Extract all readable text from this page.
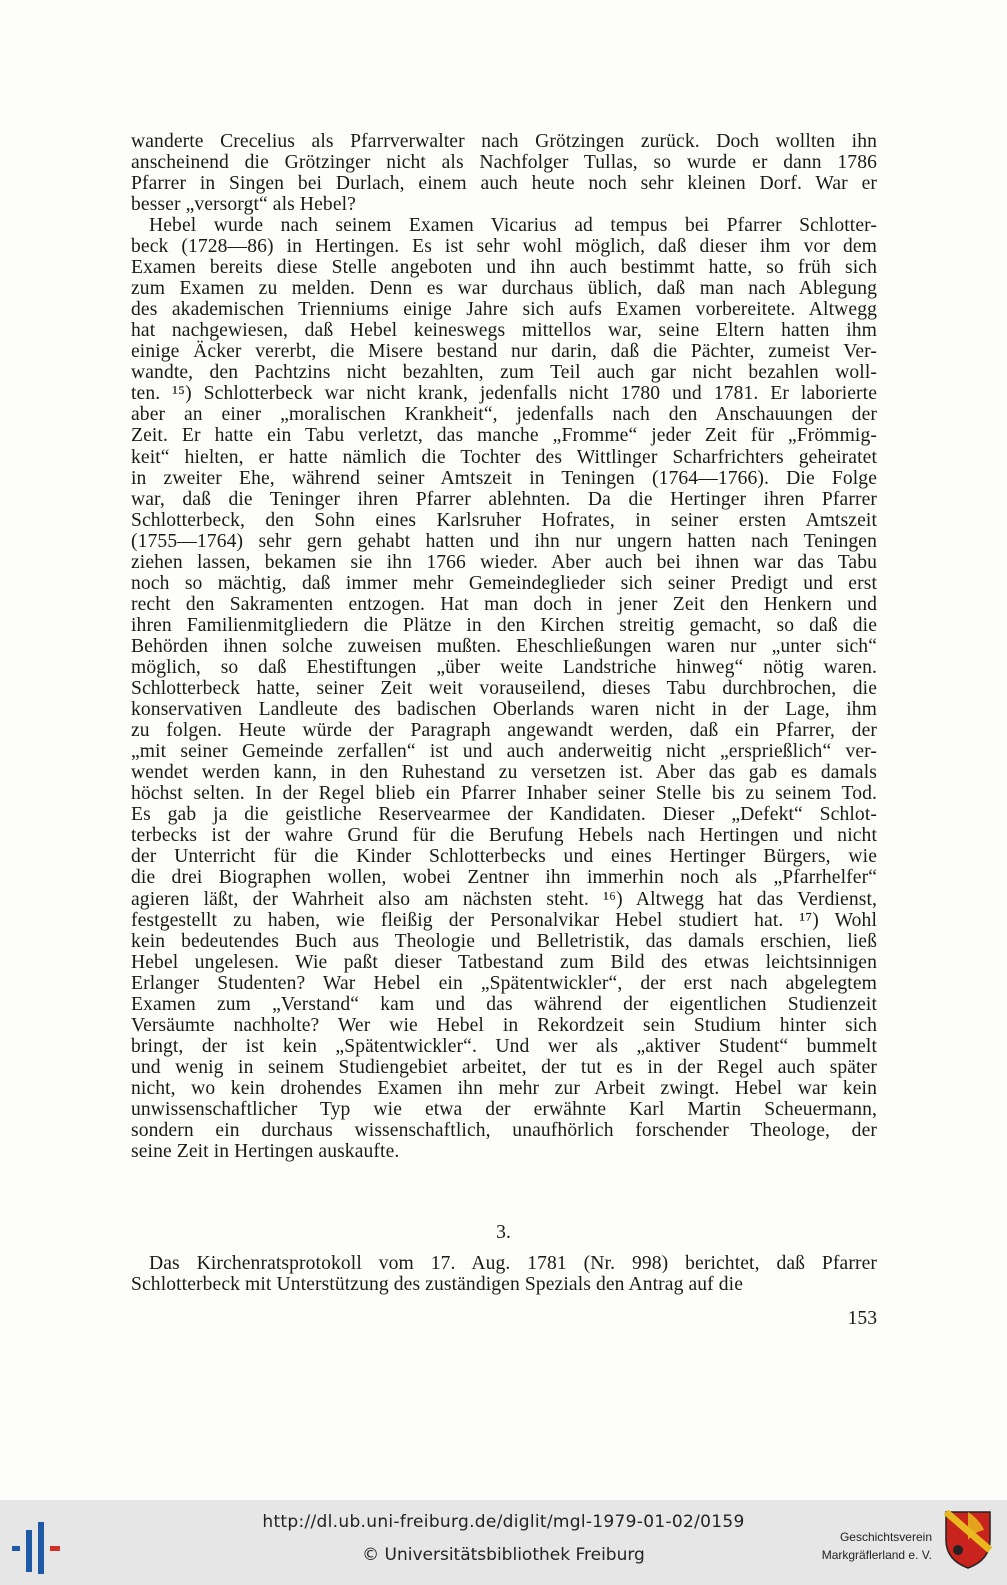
wanderte Crecelius als Pfarrverwalter nach Grötzingen zurück. Doch wollten ihn
anscheinend die Grötzinger nicht als Nachfolger Tullas, so wurde er dann 1786
Pfarrer in Singen bei Durlach, einem auch heute noch sehr kleinen Dorf. War er
besser „versorgt“ als Hebel?
Hebel wurde nach seinem Examen Vicarius ad tempus bei Pfarrer Schlotter-
beck (1728—86) in Hertingen. Es ist sehr wohl möglich, daß dieser ihm vor dem
Examen bereits diese Stelle angeboten und ihn auch bestimmt hatte, so früh sich
zum Examen zu melden. Denn es war durchaus üblich, daß man nach Ablegung
des akademischen Trienniums einige Jahre sich aufs Examen vorbereitete. Altwegg
hat nachgewiesen, daß Hebel keineswegs mittellos war, seine Eltern hatten ihm
einige Äcker vererbt, die Misere bestand nur darin, daß die Pächter, zumeist Ver-
wandte, den Pachtzins nicht bezahlten, zum Teil auch gar nicht bezahlen woll-
ten. ¹⁵) Schlotterbeck war nicht krank, jedenfalls nicht 1780 und 1781. Er laborierte
aber an einer „moralischen Krankheit“, jedenfalls nach den Anschauungen der
Zeit. Er hatte ein Tabu verletzt, das manche „Fromme“ jeder Zeit für „Frömmig-
keit“ hielten, er hatte nämlich die Tochter des Wittlinger Scharfrichters geheiratet
in zweiter Ehe, während seiner Amtszeit in Teningen (1764—1766). Die Folge
war, daß die Teninger ihren Pfarrer ablehnten. Da die Hertinger ihren Pfarrer
Schlotterbeck, den Sohn eines Karlsruher Hofrates, in seiner ersten Amtszeit
(1755—1764) sehr gern gehabt hatten und ihn nur ungern hatten nach Teningen
ziehen lassen, bekamen sie ihn 1766 wieder. Aber auch bei ihnen war das Tabu
noch so mächtig, daß immer mehr Gemeindeglieder sich seiner Predigt und erst
recht den Sakramenten entzogen. Hat man doch in jener Zeit den Henkern und
ihren Familienmitgliedern die Plätze in den Kirchen streitig gemacht, so daß die
Behörden ihnen solche zuweisen mußten. Eheschließungen waren nur „unter sich“
möglich, so daß Ehestiftungen „über weite Landstriche hinweg“ nötig waren.
Schlotterbeck hatte, seiner Zeit weit vorauseilend, dieses Tabu durchbrochen, die
konservativen Landleute des badischen Oberlands waren nicht in der Lage, ihm
zu folgen. Heute würde der Paragraph angewandt werden, daß ein Pfarrer, der
„mit seiner Gemeinde zerfallen“ ist und auch anderweitig nicht „ersprießlich“ ver-
wendet werden kann, in den Ruhestand zu versetzen ist. Aber das gab es damals
höchst selten. In der Regel blieb ein Pfarrer Inhaber seiner Stelle bis zu seinem Tod.
Es gab ja die geistliche Reservearmee der Kandidaten. Dieser „Defekt“ Schlot-
terbecks ist der wahre Grund für die Berufung Hebels nach Hertingen und nicht
der Unterricht für die Kinder Schlotterbecks und eines Hertinger Bürgers, wie
die drei Biographen wollen, wobei Zentner ihn immerhin noch als „Pfarrhelfer“
agieren läßt, der Wahrheit also am nächsten steht. ¹⁶) Altwegg hat das Verdienst,
festgestellt zu haben, wie fleißig der Personalvikar Hebel studiert hat. ¹⁷) Wohl
kein bedeutendes Buch aus Theologie und Belletristik, das damals erschien, ließ
Hebel ungelesen. Wie paßt dieser Tatbestand zum Bild des etwas leichtsinnigen
Erlanger Studenten? War Hebel ein „Spätentwickler“, der erst nach abgelegtem
Examen zum „Verstand“ kam und das während der eigentlichen Studienzeit
Versäumte nachholte? Wer wie Hebel in Rekordzeit sein Studium hinter sich
bringt, der ist kein „Spätentwickler“. Und wer als „aktiver Student“ bummelt
und wenig in seinem Studiengebiet arbeitet, der tut es in der Regel auch später
nicht, wo kein drohendes Examen ihn mehr zur Arbeit zwingt. Hebel war kein
unwissenschaftlicher Typ wie etwa der erwähnte Karl Martin Scheuermann,
sondern ein durchaus wissenschaftlich, unaufhörlich forschender Theologe, der
seine Zeit in Hertingen auskaufte.
3.
Das Kirchenratsprotokoll vom 17. Aug. 1781 (Nr. 998) berichtet, daß Pfarrer
Schlotterbeck mit Unterstützung des zuständigen Spezials den Antrag auf die
153
http://dl.ub.uni-freiburg.de/diglit/mgl-1979-01-02/0159
© Universitätsbibliothek Freiburg
Geschichtsverein
Markgräflerland e. V.
